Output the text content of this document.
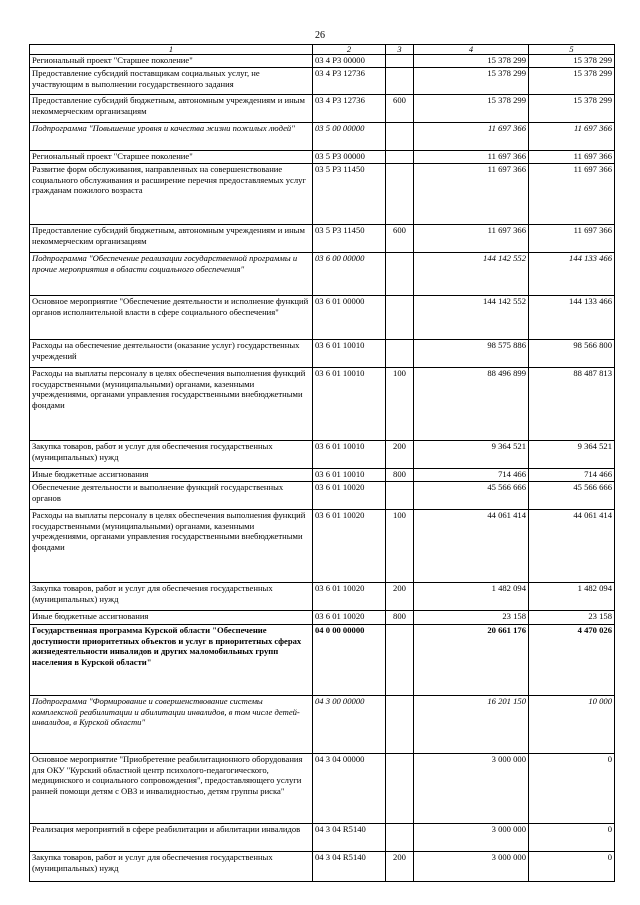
26
1	2	3	4	5
Региональный проект "Старшее поколение"	03 4 P3 00000		15 378 299	15 378 299
Предоставление субсидий поставщикам социальных услуг, не участвующим в выполнении государственного задания	03 4 P3 12736		15 378 299	15 378 299
Предоставление субсидий бюджетным, автономным учреждениям и иным некоммерческим организациям	03 4 P3 12736	600	15 378 299	15 378 299
Подпрограмма "Повышение уровня и качества жизни пожилых людей"	03 5 00 00000		11 697 366	11 697 366
Региональный проект "Старшее поколение"	03 5 P3 00000		11 697 366	11 697 366
Развитие форм обслуживания, направленных на совершенствование социального обслуживания и расширение перечня предоставляемых услуг гражданам пожилого возраста	03 5 P3 11450		11 697 366	11 697 366
Предоставление субсидий бюджетным, автономным учреждениям и иным некоммерческим организациям	03 5 P3 11450	600	11 697 366	11 697 366
Подпрограмма "Обеспечение реализации государственной программы и прочие мероприятия в области социального обеспечения"	03 6 00 00000		144 142 552	144 133 466
Основное мероприятие "Обеспечение деятельности и исполнение функций органов исполнительной власти в сфере социального обеспечения"	03 6 01 00000		144 142 552	144 133 466
Расходы на обеспечение деятельности (оказание услуг) государственных учреждений	03 6 01 10010		98 575 886	98 566 800
Расходы на выплаты персоналу в целях обеспечения выполнения функций государственными (муниципальными) органами, казенными учреждениями, органами управления государственными внебюджетными фондами	03 6 01 10010	100	88 496 899	88 487 813
Закупка товаров, работ и услуг для обеспечения государственных (муниципальных) нужд	03 6 01 10010	200	9 364 521	9 364 521
Иные бюджетные ассигнования	03 6 01 10010	800	714 466	714 466
Обеспечение деятельности и выполнение функций государственных органов	03 6 01 10020		45 566 666	45 566 666
Расходы на выплаты персоналу в целях обеспечения выполнения функций государственными (муниципальными) органами, казенными учреждениями, органами управления государственными внебюджетными фондами	03 6 01 10020	100	44 061 414	44 061 414
Закупка товаров, работ и услуг для обеспечения государственных (муниципальных) нужд	03 6 01 10020	200	1 482 094	1 482 094
Иные бюджетные ассигнования	03 6 01 10020	800	23 158	23 158
Государственная программа Курской области "Обеспечение доступности приоритетных объектов и услуг в приоритетных сферах жизнедеятельности инвалидов и других маломобильных групп населения в Курской области"	04 0 00 00000		20 661 176	4 470 026
Подпрограмма "Формирование и совершенствование системы комплексной реабилитации и абилитации инвалидов, в том числе детей-инвалидов, в Курской области"	04 3 00 00000		16 201 150	10 000
Основное мероприятие "Приобретение реабилитационного оборудования для ОКУ "Курский областной центр психолого-педагогического, медицинского и социального сопровождения", предоставляющего услуги ранней помощи детям с ОВЗ и инвалидностью, детям группы риска"	04 3 04 00000		3 000 000	0
Реализация мероприятий в сфере реабилитации и абилитации инвалидов	04 3 04 R5140		3 000 000	0
Закупка товаров, работ и услуг для обеспечения государственных (муниципальных) нужд	04 3 04 R5140	200	3 000 000	0
